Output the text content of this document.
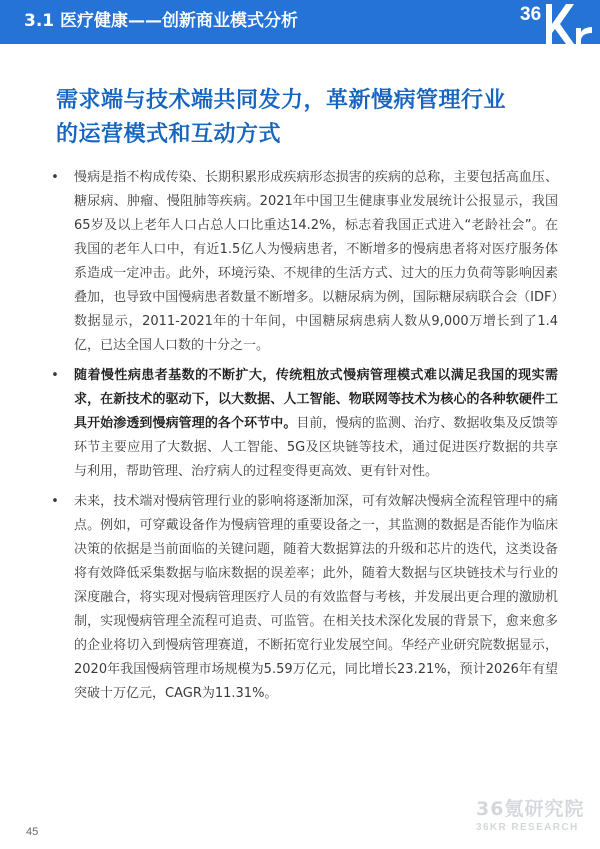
3.1 医疗健康——创新商业模式分析	36
需求端与技术端共同发力，革新慢病管理行业
的运营模式和互动方式
• 慢病是指不构成传染、长期积累形成疾病形态损害的疾病的总称，主要包括高血压、糖尿病、肿瘤、慢阻肺等疾病。2021年中国卫生健康事业发展统计公报显示，我国65岁及以上老年人口占总人口比重达14.2%，标志着我国正式进入“老龄社会”。在我国的老年人口中，有近1.5亿人为慢病患者，不断增多的慢病患者将对医疗服务体系造成一定冲击。此外，环境污染、不规律的生活方式、过大的压力负荷等影响因素叠加，也导致中国慢病患者数量不断增多。以糖尿病为例，国际糖尿病联合会（IDF）数据显示，2011-2021年的十年间，中国糖尿病患病人数从9,000万增长到了1.4亿，已达全国人口数的十分之一。
• 随着慢性病患者基数的不断扩大，传统粗放式慢病管理模式难以满足我国的现实需求，在新技术的驱动下，以大数据、人工智能、物联网等技术为核心的各种软硬件工具开始渗透到慢病管理的各个环节中。目前，慢病的监测、治疗、数据收集及反馈等环节主要应用了大数据、人工智能、5G及区块链等技术，通过促进医疗数据的共享与利用，帮助管理、治疗病人的过程变得更高效、更有针对性。
• 未来，技术端对慢病管理行业的影响将逐渐加深，可有效解决慢病全流程管理中的痛点。例如，可穿戴设备作为慢病管理的重要设备之一，其监测的数据是否能作为临床决策的依据是当前面临的关键问题，随着大数据算法的升级和芯片的迭代，这类设备将有效降低采集数据与临床数据的误差率；此外，随着大数据与区块链技术与行业的深度融合，将实现对慢病管理医疗人员的有效监督与考核，并发展出更合理的激励机制，实现慢病管理全流程可追责、可监管。在相关技术深化发展的背景下，愈来愈多的企业将切入到慢病管理赛道，不断拓宽行业发展空间。华经产业研究院数据显示，2020年我国慢病管理市场规模为5.59万亿元，同比增长23.21%，预计2026年有望突破十万亿元，CAGR为11.31%。
45
36氪研究院
36KR RESEARCH
